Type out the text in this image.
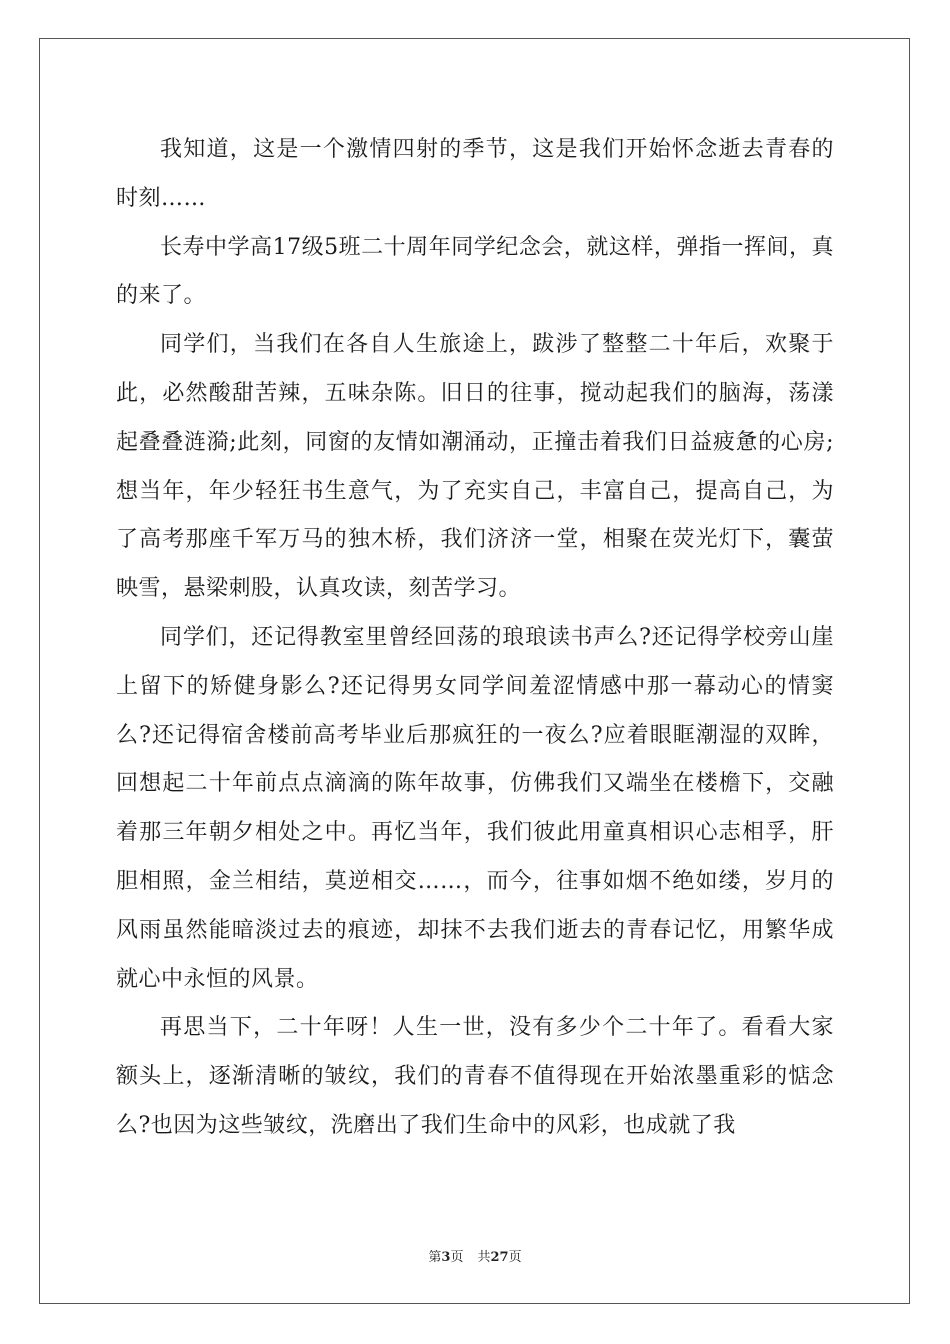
我知道，这是一个激情四射的季节，这是我们开始怀念逝去青春的时刻……

长寿中学高17级5班二十周年同学纪念会，就这样，弹指一挥间，真的来了。

同学们，当我们在各自人生旅途上，跋涉了整整二十年后，欢聚于此，必然酸甜苦辣，五味杂陈。旧日的往事，搅动起我们的脑海，荡漾起叠叠涟漪;此刻，同窗的友情如潮涌动，正撞击着我们日益疲惫的心房;想当年，年少轻狂书生意气，为了充实自己，丰富自己，提高自己，为了高考那座千军万马的独木桥，我们济济一堂，相聚在荧光灯下，囊萤映雪，悬梁刺股，认真攻读，刻苦学习。

同学们，还记得教室里曾经回荡的琅琅读书声么?还记得学校旁山崖上留下的矫健身影么?还记得男女同学间羞涩情感中那一幕动心的情窦么?还记得宿舍楼前高考毕业后那疯狂的一夜么?应着眼眶潮湿的双眸，回想起二十年前点点滴滴的陈年故事，仿佛我们又端坐在楼檐下，交融着那三年朝夕相处之中。再忆当年，我们彼此用童真相识心志相孚，肝胆相照，金兰相结，莫逆相交……，而今，往事如烟不绝如缕，岁月的风雨虽然能暗淡过去的痕迹，却抹不去我们逝去的青春记忆，用繁华成就心中永恒的风景。

再思当下，二十年呀！人生一世，没有多少个二十年了。看看大家额头上，逐渐清晰的皱纹，我们的青春不值得现在开始浓墨重彩的惦念么?也因为这些皱纹，洗磨出了我们生命中的风彩，也成就了我

第3页 共27页
